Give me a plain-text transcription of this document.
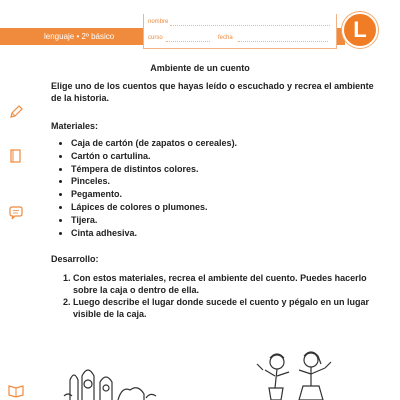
lenguaje • 2º básico
nombre
curso	fecha	L
Ambiente de un cuento
Elige uno de los cuentos que hayas leído o escuchado y recrea el ambiente de la historia.
Materiales:
• Caja de cartón (de zapatos o cereales).
• Cartón o cartulina.
• Témpera de distintos colores.
• Pinceles.
• Pegamento.
• Lápices de colores o plumones.
• Tijera.
• Cinta adhesiva.
Desarrollo:
1. Con estos materiales, recrea el ambiente del cuento. Puedes hacerlo sobre la caja o dentro de ella.
2. Luego describe el lugar donde sucede el cuento y pégalo en un lugar visible de la caja.
